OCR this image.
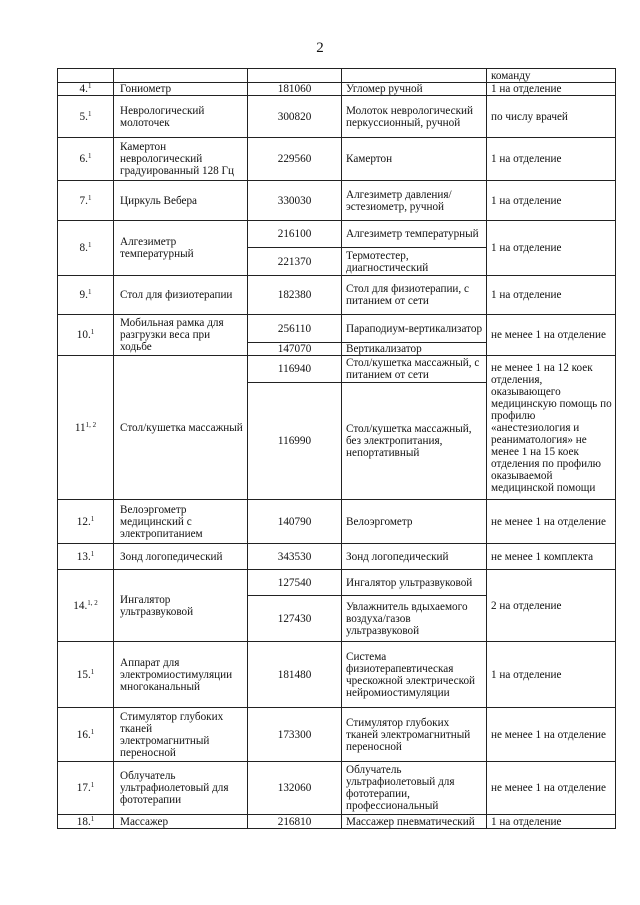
2
				команду
4.$^1$	Гониометр	181060	Угломер ручной	1 на отделение
5.$^1$	Неврологический молоточек	300820	Молоток неврологический перкуссионный, ручной	по числу врачей
6.$^1$	Камертон неврологический градуированный 128 Гц	229560	Камертон	1 на отделение
7.$^1$	Циркуль Вебера	330030	Алгезиметр давления/эстезиометр, ручной	1 на отделение
8.$^1$	Алгезиметр температурный	216100	Алгезиметр температурный	1 на отделение
		221370	Термотестер, диагностический	
9.$^1$	Стол для физиотерапии	182380	Стол для физиотерапии, с питанием от сети	1 на отделение
10.$^1$	Мобильная рамка для разгрузки веса при ходьбе	256110	Параподиум-вертикализатор	не менее 1 на отделение
		147070	Вертикализатор	
11$^{1, 2}$	Стол/кушетка массажный	116940	Стол/кушетка массажный, с питанием от сети	не менее 1 на 12 коек отделения, оказывающего медицинскую помощь по профилю «анестезиология и реаниматология» не менее 1 на 15 коек отделения по профилю оказываемой медицинской помощи
		116990	Стол/кушетка массажный, без электропитания, непортативный	
12.$^1$	Велоэргометр медицинский с электропитанием	140790	Велоэргометр	не менее 1 на отделение
13.$^1$	Зонд логопедический	343530	Зонд логопедический	не менее 1 комплекта
14.$^{1, 2}$	Ингалятор ультразвуковой	127540	Ингалятор ультразвуковой	2 на отделение
		127430	Увлажнитель вдыхаемого воздуха/газов ультразвуковой	
15.$^1$	Аппарат для электромиостимуляции многоканальный	181480	Система физиотерапевтическая чрескожной электрической нейромиостимуляции	1 на отделение
16.$^1$	Стимулятор глубоких тканей электромагнитный переносной	173300	Стимулятор глубоких тканей электромагнитный переносной	не менее 1 на отделение
17.$^1$	Облучатель ультрафиолетовый для фототерапии	132060	Облучатель ультрафиолетовый для фототерапии, профессиональный	не менее 1 на отделение
18.$^1$	Массажер	216810	Массажер пневматический	1 на отделение
